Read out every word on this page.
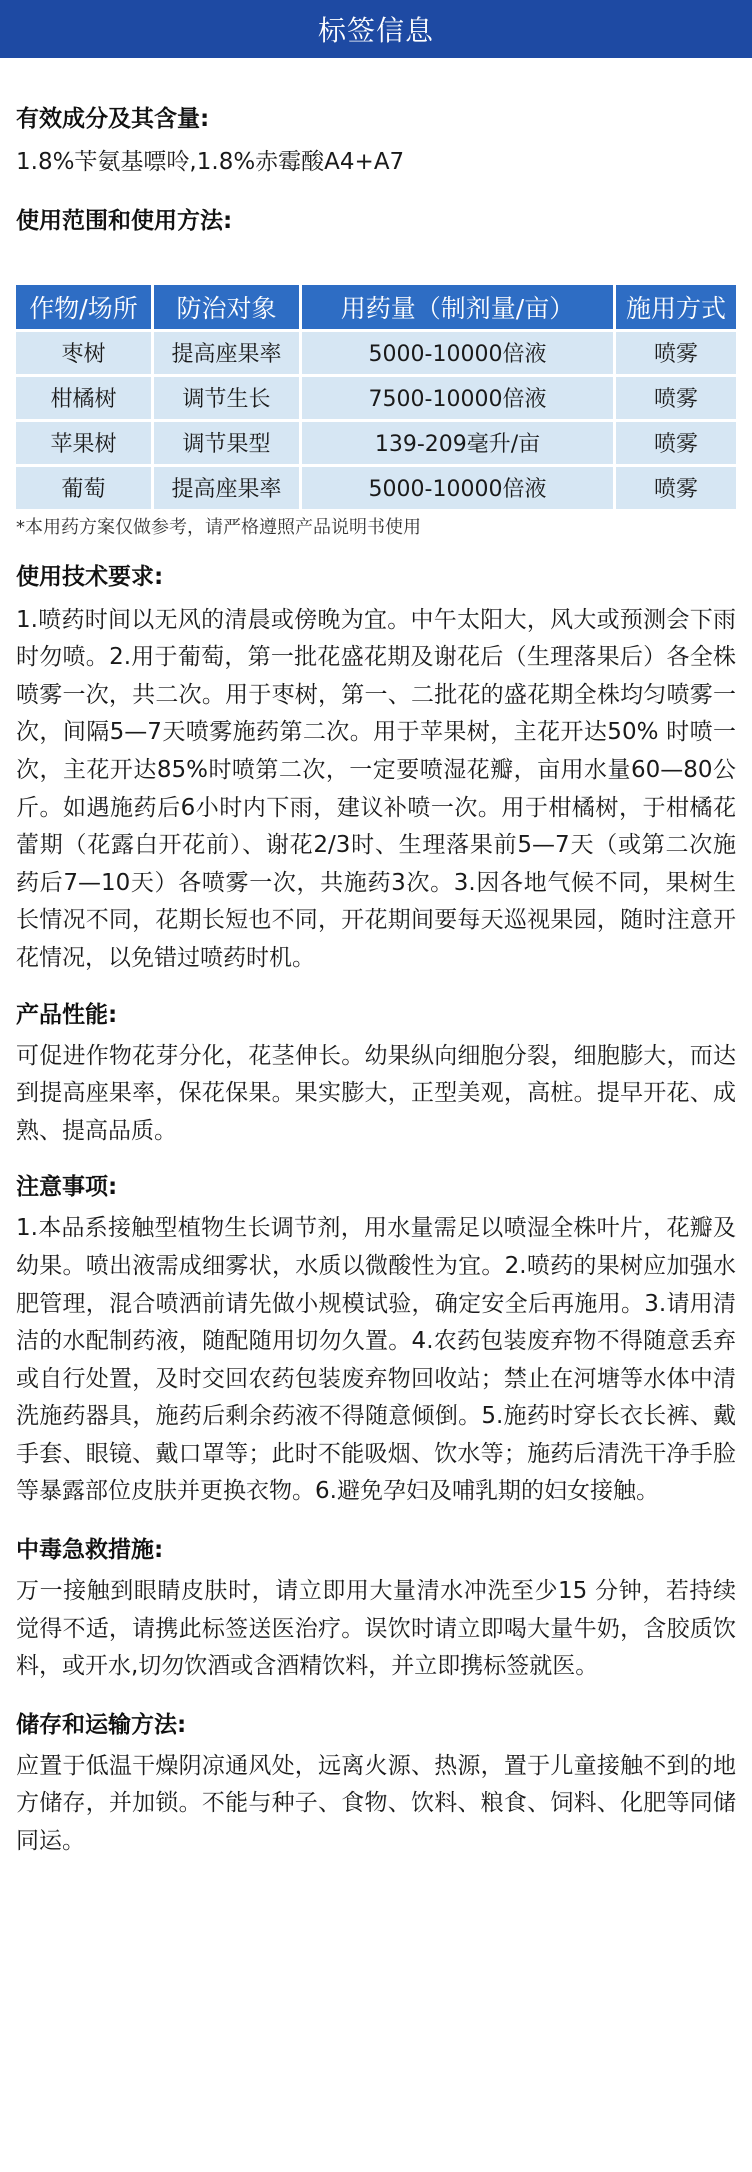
标签信息

有效成分及其含量:

1.8%苄氨基嘌呤,1.8%赤霉酸A4+A7

使用范围和使用方法:

作物/场所	防治对象	用药量（制剂量/亩）	施用方式
枣树	提高座果率	5000-10000倍液	喷雾
柑橘树	调节生长	7500-10000倍液	喷雾
苹果树	调节果型	139-209毫升/亩	喷雾
葡萄	提高座果率	5000-10000倍液	喷雾

*本用药方案仅做参考，请严格遵照产品说明书使用

使用技术要求:

1.喷药时间以无风的清晨或傍晚为宜。中午太阳大，风大或预测会下雨时勿喷。2.用于葡萄，第一批花盛花期及谢花后（生理落果后）各全株喷雾一次，共二次。用于枣树，第一、二批花的盛花期全株均匀喷雾一次，间隔5—7天喷雾施药第二次。用于苹果树，主花开达50% 时喷一次，主花开达85%时喷第二次，一定要喷湿花瓣，亩用水量60—80公斤。如遇施药后6小时内下雨，建议补喷一次。用于柑橘树，于柑橘花蕾期（花露白开花前）、谢花2/3时、生理落果前5—7天（或第二次施药后7—10天）各喷雾一次，共施药3次。3.因各地气候不同，果树生长情况不同，花期长短也不同，开花期间要每天巡视果园，随时注意开花情况，以免错过喷药时机。

产品性能:

可促进作物花芽分化，花茎伸长。幼果纵向细胞分裂，细胞膨大，而达到提高座果率，保花保果。果实膨大，正型美观，高桩。提早开花、成熟、提高品质。

注意事项:

1.本品系接触型植物生长调节剂，用水量需足以喷湿全株叶片，花瓣及幼果。喷出液需成细雾状，水质以微酸性为宜。2.喷药的果树应加强水肥管理，混合喷洒前请先做小规模试验，确定安全后再施用。3.请用清洁的水配制药液，随配随用切勿久置。4.农药包装废弃物不得随意丢弃或自行处置，及时交回农药包装废弃物回收站；禁止在河塘等水体中清洗施药器具，施药后剩余药液不得随意倾倒。5.施药时穿长衣长裤、戴手套、眼镜、戴口罩等；此时不能吸烟、饮水等；施药后清洗干净手脸等暴露部位皮肤并更换衣物。6.避免孕妇及哺乳期的妇女接触。

中毒急救措施:

万一接触到眼睛皮肤时，请立即用大量清水冲洗至少15 分钟，若持续觉得不适，请携此标签送医治疗。误饮时请立即喝大量牛奶，含胶质饮料，或开水,切勿饮酒或含酒精饮料，并立即携标签就医。

储存和运输方法:

应置于低温干燥阴凉通风处，远离火源、热源，置于儿童接触不到的地方储存，并加锁。不能与种子、食物、饮料、粮食、饲料、化肥等同储同运。
